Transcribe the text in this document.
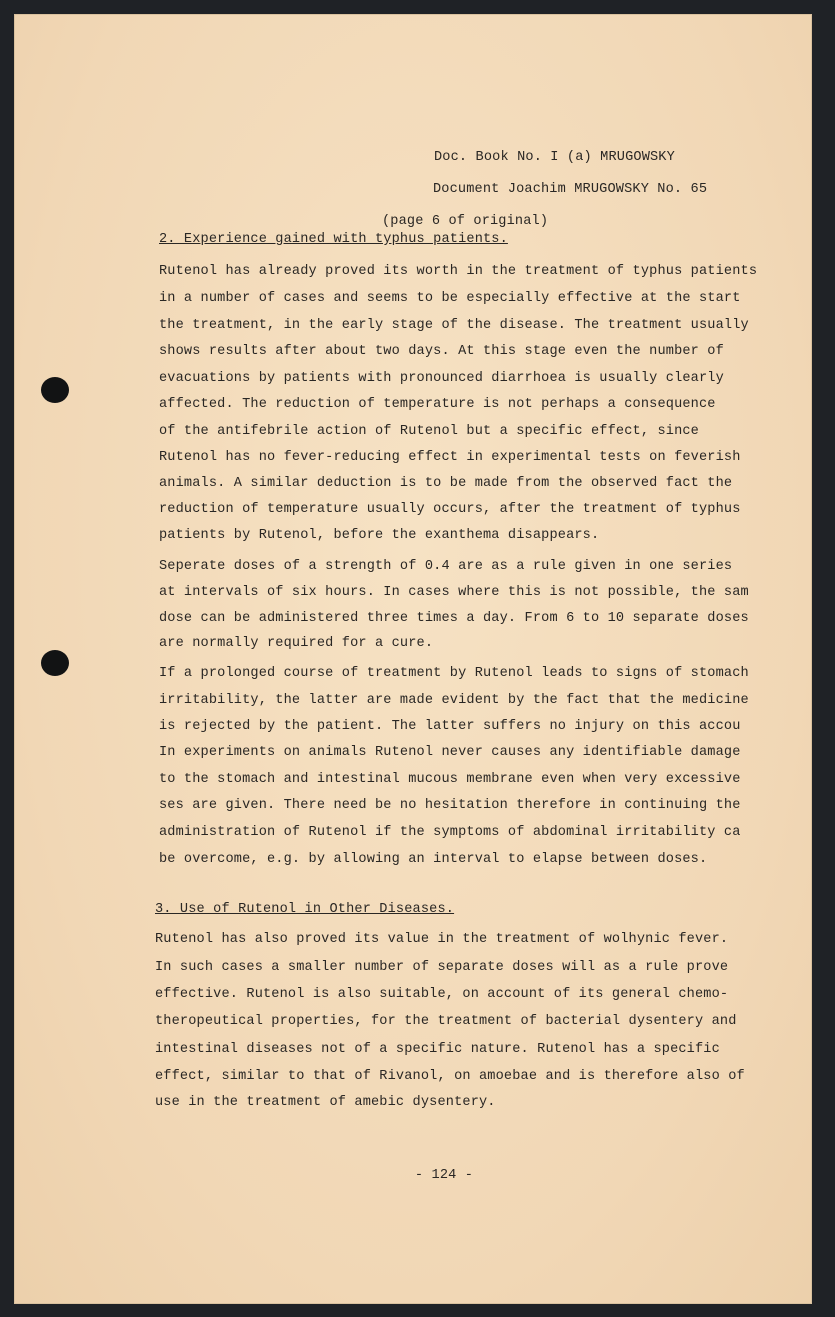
Doc. Book No. I (a) MRUGOWSKY
Document Joachim MRUGOWSKY No. 65
(page 6 of original)
2. Experience gained with typhus patients.
Rutenol has already proved its worth in the treatment of typhus patients
in a number of cases and seems to be especially effective at the start
the treatment, in the early stage of the disease. The treatment usually
shows results after about two days. At this stage even the number of
evacuations by patients with pronounced diarrhoea is usually clearly
affected. The reduction of temperature is not perhaps a consequence
of the antifebrile action of Rutenol but a specific effect, since
Rutenol has no fever-reducing effect in experimental tests on feverish
animals. A similar deduction is to be made from the observed fact the
reduction of temperature usually occurs, after the treatment of typhus
patients by Rutenol, before the exanthema disappears.
Seperate doses of a strength of 0.4 are as a rule given in one series
at intervals of six hours. In cases where this is not possible, the sam
dose can be administered three times a day. From 6 to 10 separate doses
are normally required for a cure.
If a prolonged course of treatment by Rutenol leads to signs of stomach
irritability, the latter are made evident by the fact that the medicine
is rejected by the patient. The latter suffers no injury on this accou
In experiments on animals Rutenol never causes any identifiable damage
to the stomach and intestinal mucous membrane even when very excessive
ses are given. There need be no hesitation therefore in continuing the
administration of Rutenol if the symptoms of abdominal irritability ca
be overcome, e.g. by allowing an interval to elapse between doses.
3. Use of Rutenol in Other Diseases.
Rutenol has also proved its value in the treatment of wolhynic fever.
In such cases a smaller number of separate doses will as a rule prove
effective. Rutenol is also suitable, on account of its general chemo-
theropeutical properties, for the treatment of bacterial dysentery and
intestinal diseases not of a specific nature. Rutenol has a specific
effect, similar to that of Rivanol, on amoebae and is therefore also of
use in the treatment of amebic dysentery.
- 124 -
